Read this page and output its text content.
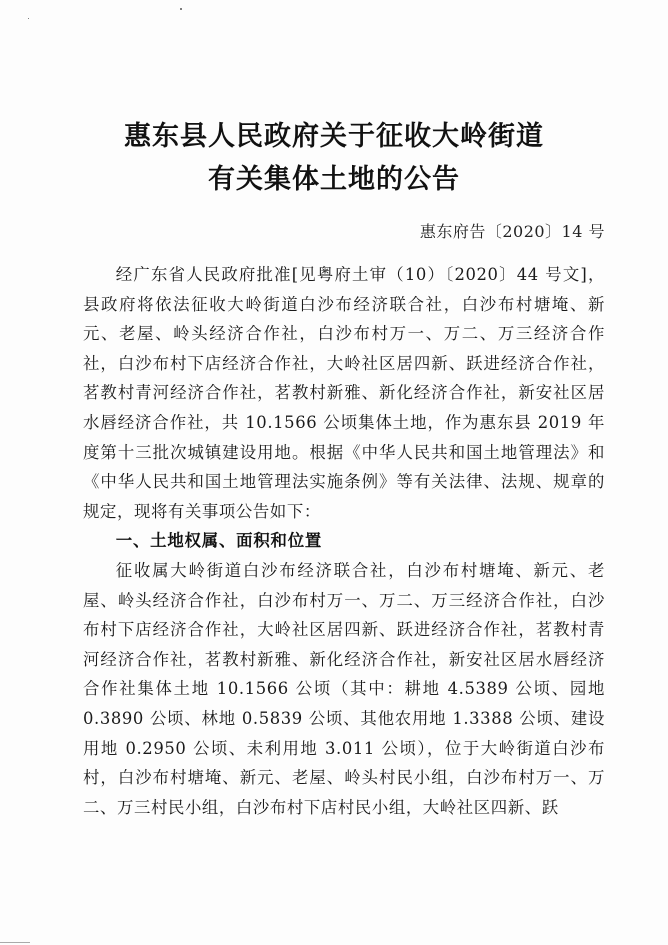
惠东县人民政府关于征收大岭街道
有关集体土地的公告
惠东府告〔2020〕14 号

经广东省人民政府批准[见粤府土审（10）〔2020〕44 号文]，县政府将依法征收大岭街道白沙布经济联合社，白沙布村塘埯、新元、老屋、岭头经济合作社，白沙布村万一、万二、万三经济合作社，白沙布村下店经济合作社，大岭社区居四新、跃进经济合作社，茗教村青河经济合作社，茗教村新雅、新化经济合作社，新安社区居水唇经济合作社，共 10.1566 公顷集体土地，作为惠东县 2019 年度第十三批次城镇建设用地。根据《中华人民共和国土地管理法》和《中华人民共和国土地管理法实施条例》等有关法律、法规、规章的规定，现将有关事项公告如下：

一、土地权属、面积和位置

征收属大岭街道白沙布经济联合社，白沙布村塘埯、新元、老屋、岭头经济合作社，白沙布村万一、万二、万三经济合作社，白沙布村下店经济合作社，大岭社区居四新、跃进经济合作社，茗教村青河经济合作社，茗教村新雅、新化经济合作社，新安社区居水唇经济合作社集体土地 10.1566 公顷（其中：耕地 4.5389 公顷、园地 0.3890 公顷、林地 0.5839 公顷、其他农用地 1.3388 公顷、建设用地 0.2950 公顷、未利用地 3.011 公顷），位于大岭街道白沙布村，白沙布村塘埯、新元、老屋、岭头村民小组，白沙布村万一、万二、万三村民小组，白沙布村下店村民小组，大岭社区四新、跃
